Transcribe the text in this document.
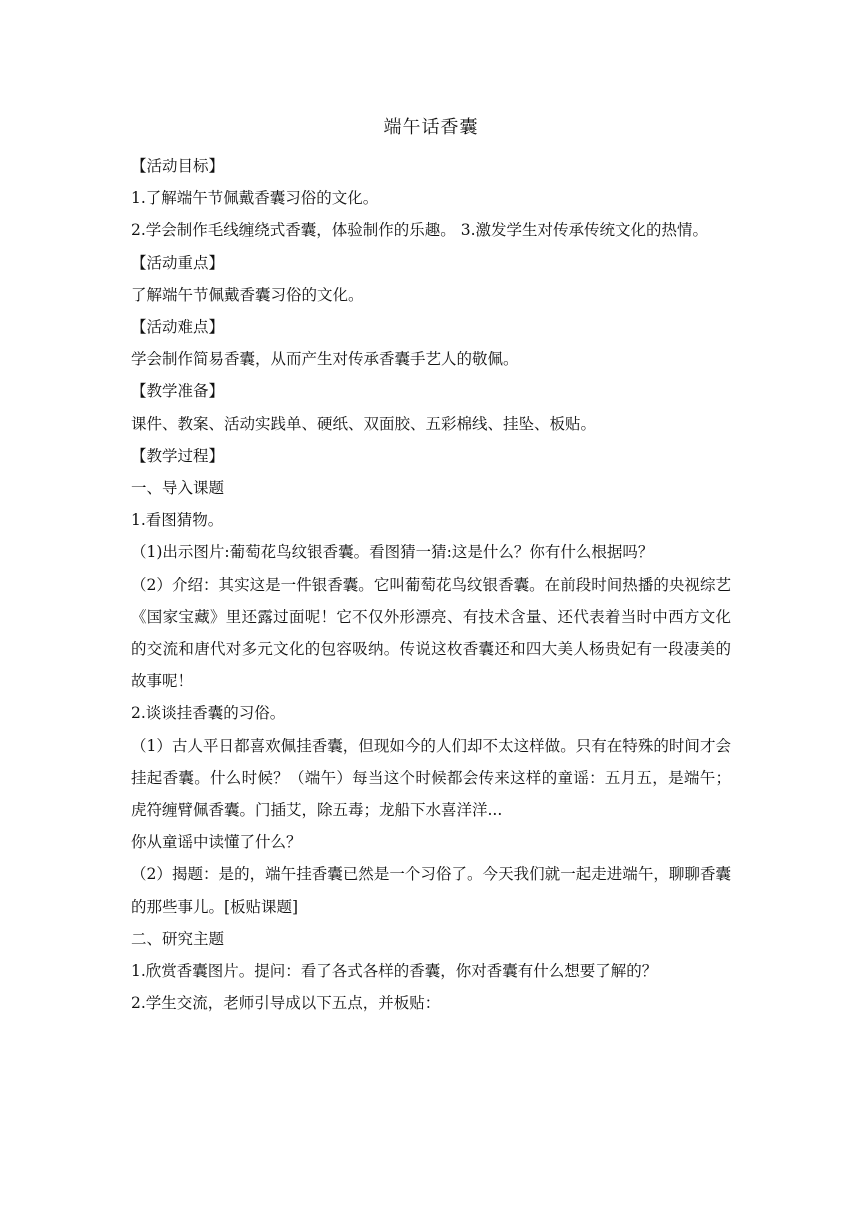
端午话香囊

【活动目标】

1.了解端午节佩戴香囊习俗的文化。

2.学会制作毛线缠绕式香囊，体验制作的乐趣。 3.激发学生对传承传统文化的热情。

【活动重点】

了解端午节佩戴香囊习俗的文化。

【活动难点】

学会制作简易香囊，从而产生对传承香囊手艺人的敬佩。

【教学准备】

课件、教案、活动实践单、硬纸、双面胶、五彩棉线、挂坠、板贴。

【教学过程】

一、导入课题

1.看图猜物。

（1)出示图片:葡萄花鸟纹银香囊。看图猜一猜:这是什么？你有什么根据吗？

（2）介绍：其实这是一件银香囊。它叫葡萄花鸟纹银香囊。在前段时间热播的央视综艺《国家宝藏》里还露过面呢！它不仅外形漂亮、有技术含量、还代表着当时中西方文化的交流和唐代对多元文化的包容吸纳。传说这枚香囊还和四大美人杨贵妃有一段凄美的故事呢！

2.谈谈挂香囊的习俗。

（1）古人平日都喜欢佩挂香囊，但现如今的人们却不太这样做。只有在特殊的时间才会挂起香囊。什么时候？（端午）每当这个时候都会传来这样的童谣：五月五，是端午；虎符缠臂佩香囊。门插艾，除五毒；龙船下水喜洋洋...

你从童谣中读懂了什么？

（2）揭题：是的，端午挂香囊已然是一个习俗了。今天我们就一起走进端午，聊聊香囊的那些事儿。[板贴课题]

二、研究主题

1.欣赏香囊图片。提问：看了各式各样的香囊，你对香囊有什么想要了解的？

2.学生交流，老师引导成以下五点，并板贴：
